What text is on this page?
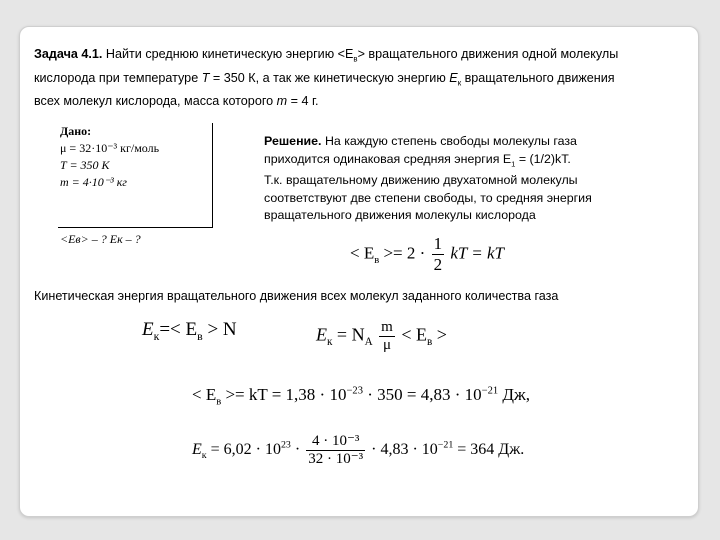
Задача 4.1. Найти среднюю кинетическую энергию $<E_в>$ вращательного движения одной молекулы
кислорода при температуре T = 350 К, а так же кинетическую энергию $E_к$ вращательного движения
всех молекул кислорода, масса которого m = 4 г.
Дано:
μ = 32·10⁻³ кг/моль
T = 350 К
m = 4·10⁻³ кг
<Eв> – ? Eк – ?
Решение. На каждую степень свободы молекулы газа
приходится одинаковая средняя энергия $Е_1 = (1/2)kT$.
Т.к. вращательному движению двухатомной молекулы
соответствуют две степени свободы, то средняя энергия
вращательного движения молекулы кислорода
< $E_в >= 2 \cdot \frac{1}{2}$ kT = kT
Кинетическая энергия вращательного движения всех молекул заданного количества газа
$E_к=< E_в > N$	$E_к = N_A \frac{m}{\mu} < E_в$ >
< $E_в$ >= kT = $1,38 \cdot 10^{-23} \cdot 350 = 4,83 \cdot 10^{-21}$ Дж,
$E_к = 6,02 \cdot 10^{23} \cdot \frac{\text{4 · 10⁻³}}{\text{32 · 10⁻³}} \cdot 4,83 \cdot 10^{-21} = 364$ Дж.
